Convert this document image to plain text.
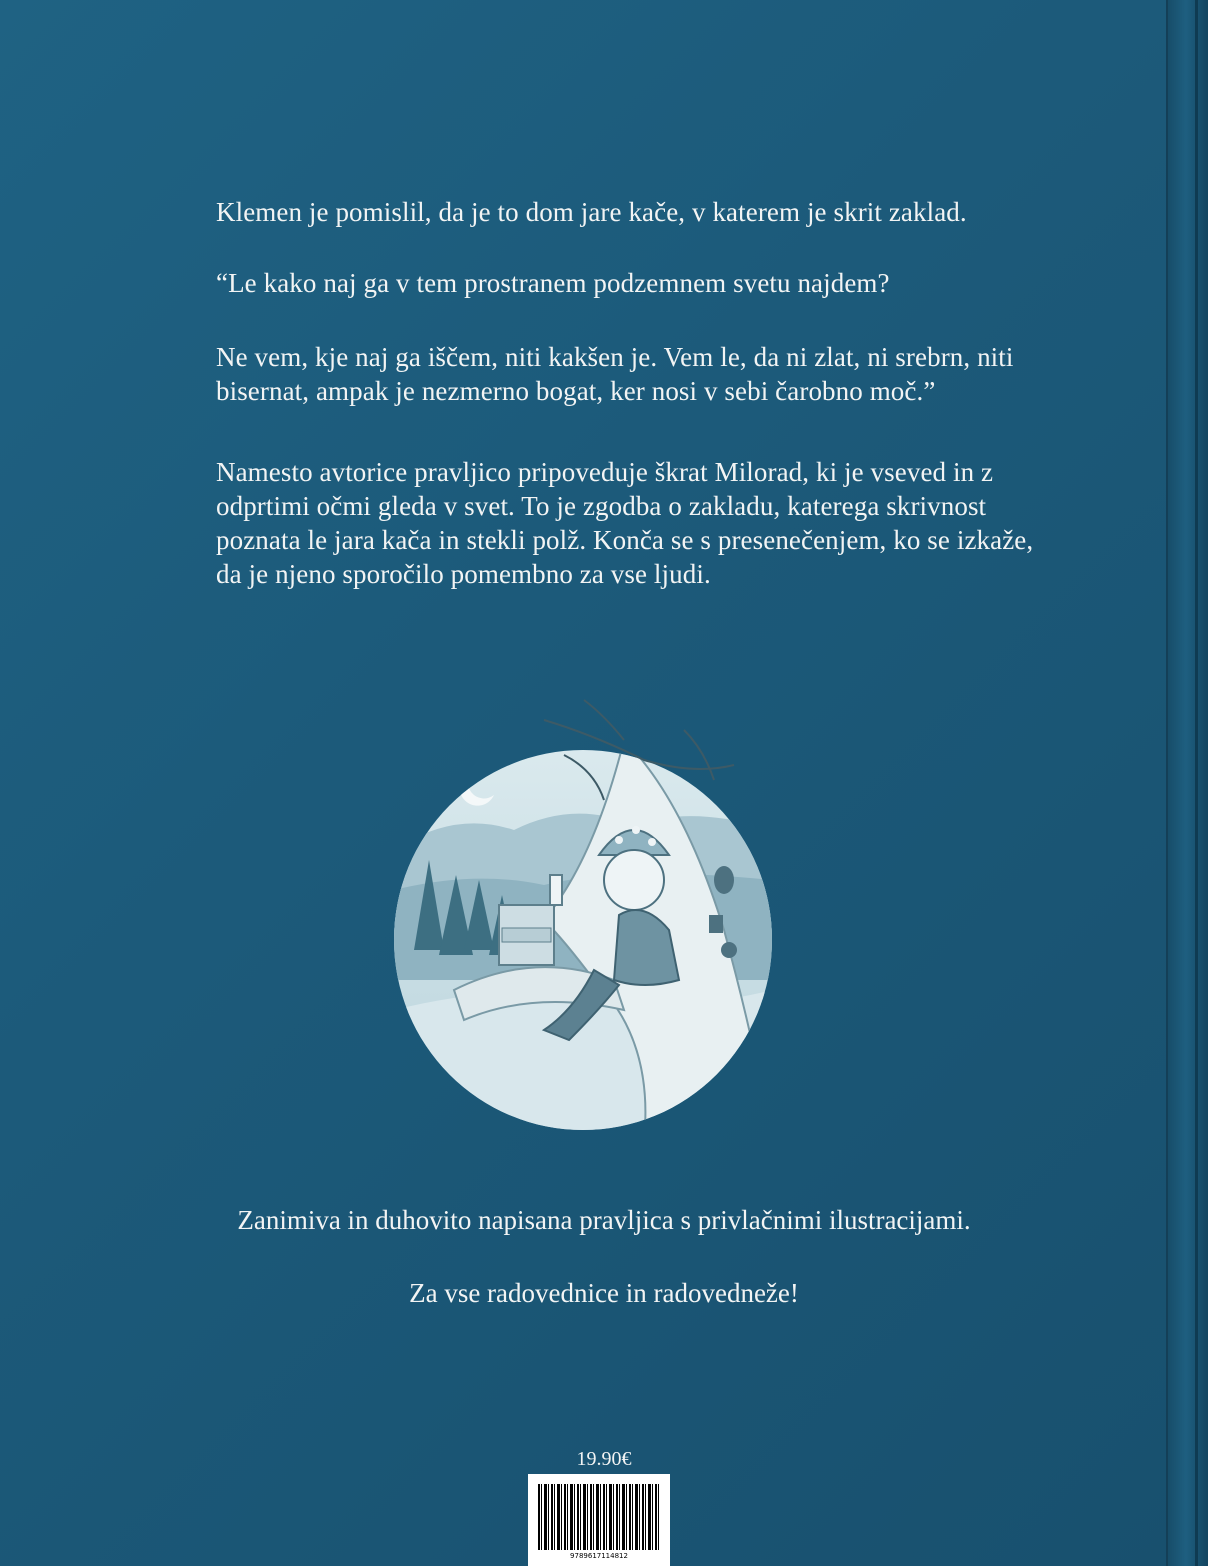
Klemen je pomislil, da je to dom jare kače, v katerem je skrit zaklad.
“Le kako naj ga v tem prostranem podzemnem svetu najdem?
Ne vem, kje naj ga iščem, niti kakšen je. Vem le, da ni zlat, ni srebrn, niti bisernat, ampak je nezmerno bogat, ker nosi v sebi čarobno moč.”
Namesto avtorice pravljico pripoveduje škrat Milorad, ki je vseved in z odprtimi očmi gleda v svet. To je zgodba o zakladu, katerega skrivnost poznata le jara kača in stekli polž. Konča se s presenečenjem, ko se izkaže, da je njeno sporočilo pomembno za vse ljudi.
Zanimiva in duhovito napisana pravljica s privlačnimi ilustracijami.
Za vse radovednice in radovedneže!
19.90€
9789617114812
